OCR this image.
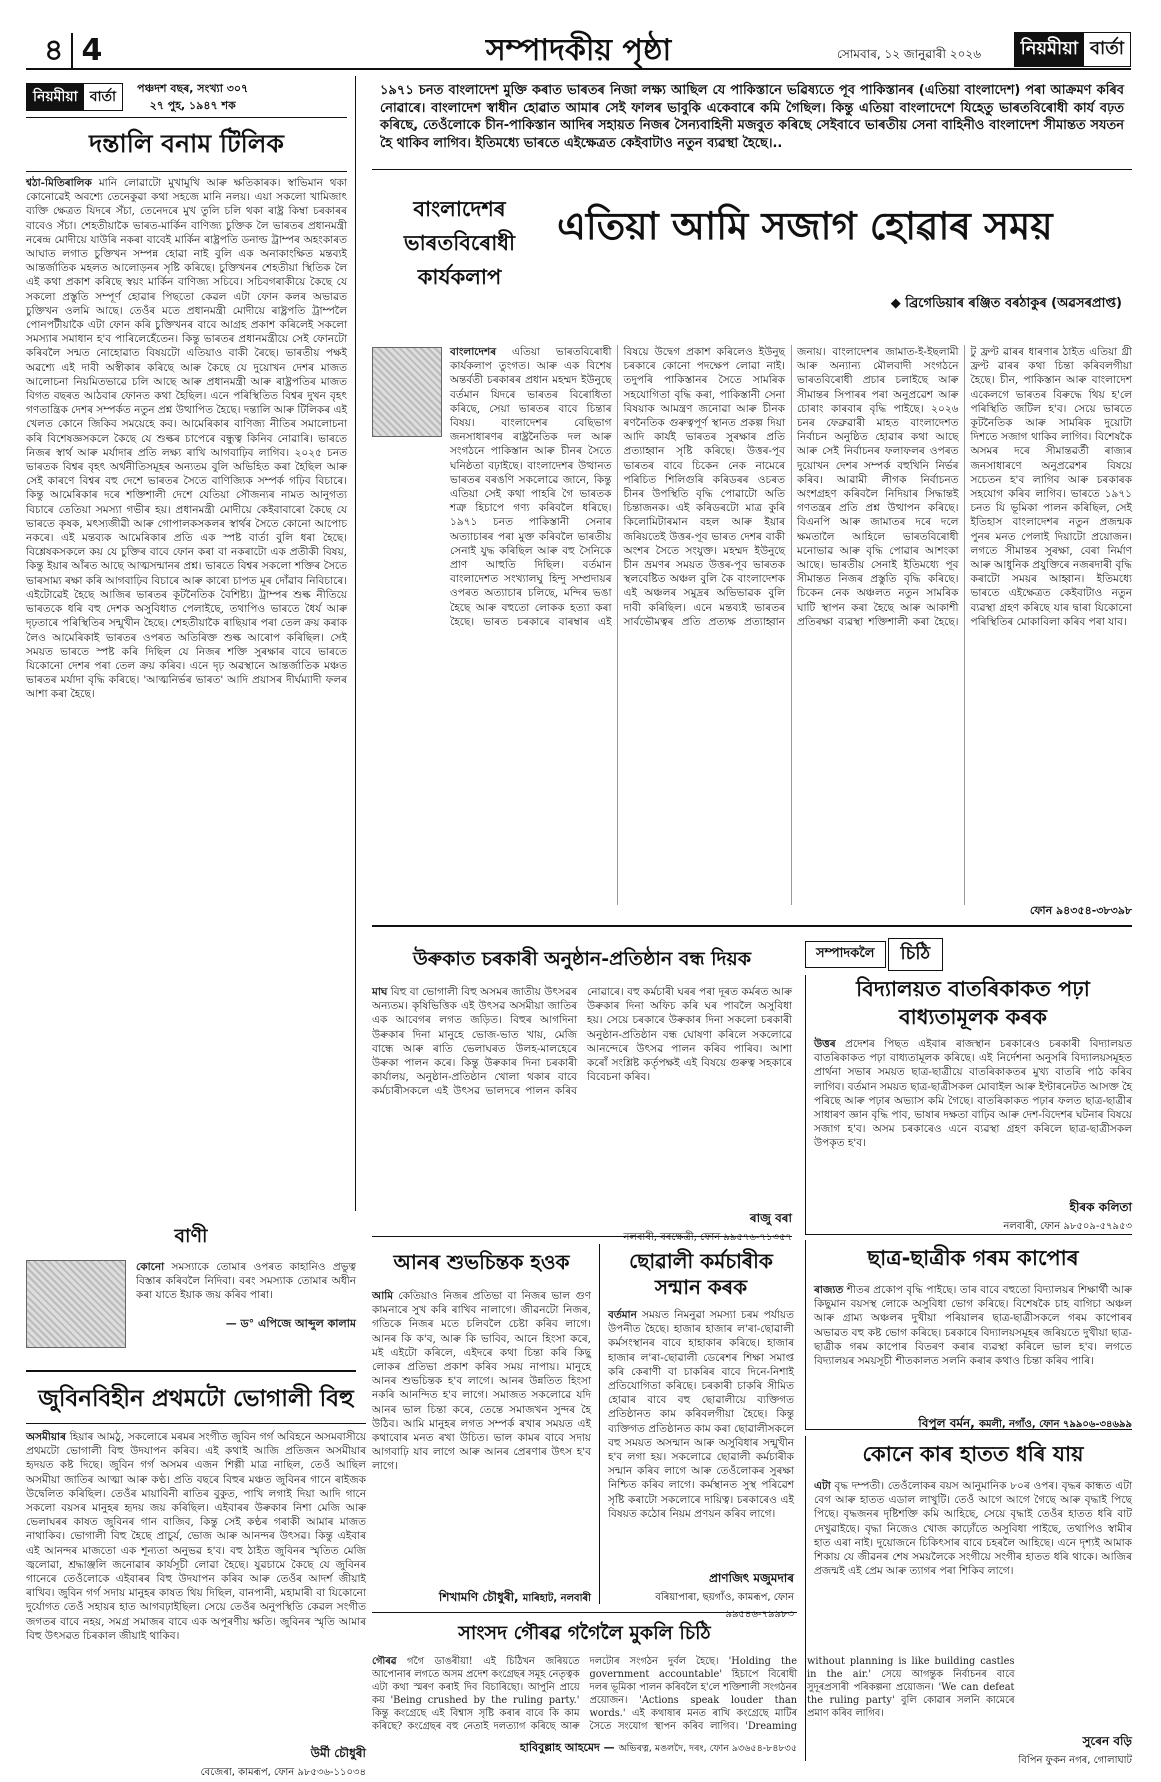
৪ 4	সম্পাদকীয় পৃষ্ঠা	সোমবাৰ, ১২ জানুৱাৰী ২০২৬	নিয়মীয়া বার্তা
নিয়মীয়া বার্তা
পঞ্চদশ বছৰ, সংখ্যা ৩০৭
২৭ পুহ, ১৯৪৭ শক
দন্তালি বনাম টিলিক
শ্বঠা-মিতিৰালিক মানি লোৱাটো মুখামুখি আৰু ক্ষতিকাৰক। স্বাভিমান থকা কোনোৱেই অবশ্যে তেনেকুৱা কথা সহজে মানি নলয়। এয়া সকলো খামিজাৎ ব্যক্তি ক্ষেত্ৰত যিদৰে সঁচা, তেনেদৰে মুখ তুলি চলি থকা ৰাষ্ট্ৰ কিম্বা চৰকাৰৰ বাবেও সঁচা। শেহতীয়াকৈ ভাৰত-মাৰ্কিন বাণিজ্য চুক্তিক লৈ ভাৰতৰ প্ৰধানমন্ত্ৰী নৰেন্দ্ৰ মোদীয়ে যাউৰি নকৰা বাবেই মাৰ্কিন ৰাষ্ট্ৰপতি ডনাল্ড ট্ৰাম্পৰ অহংকাৰত আঘাত লগাত চুক্তিখন সম্পন্ন হোৱা নাই বুলি এক অনাকাংক্ষিত মন্তব্যই আন্তৰ্জাতিক মহলত আলোড়নৰ সৃষ্টি কৰিছে। চুক্তিখনৰ শেহতীয়া স্থিতিক লৈ এই কথা প্ৰকাশ কৰিছে স্বয়ং মাৰ্কিন বাণিজ্য সচিবে। সচিবগৰাকীয়ে কৈছে যে সকলো প্ৰস্তুতি সম্পূৰ্ণ হোৱাৰ পিছতো কেৱল এটা ফোন কলৰ অভাৱত চুক্তিখন ওলমি আছে। তেওঁৰ মতে প্ৰধানমন্ত্ৰী মোদীয়ে ৰাষ্ট্ৰপতি ট্ৰাম্পলৈ পোনপটীয়াকৈ এটা ফোন কৰি চুক্তিখনৰ বাবে আগ্ৰহ প্ৰকাশ কৰিলেই সকলো সমস্যাৰ সমাধান হ'ব পাৰিলেহেঁতেন। কিন্তু ভাৰতৰ প্ৰধানমন্ত্ৰীয়ে সেই ফোনটো কৰিবলৈ সন্মত নোহোৱাত বিষয়টো এতিয়াও বাকী ৰৈছে। ভাৰতীয় পক্ষই অৱশ্যে এই দাবী অস্বীকাৰ কৰিছে আৰু কৈছে যে দুয়োখন দেশৰ মাজত আলোচনা নিয়মিতভাৱে চলি আছে আৰু প্ৰধানমন্ত্ৰী আৰু ৰাষ্ট্ৰপতিৰ মাজত বিগত বছৰত আঠবাৰ ফোনত কথা হৈছিল। এনে পৰিস্থিতিত বিশ্বৰ দুখন বৃহৎ গণতান্ত্ৰিক দেশৰ সম্পৰ্কত নতুন প্ৰশ্ন উত্থাপিত হৈছে। দন্তালি আৰু টিলিকৰ এই খেলত কোনে জিকিব সময়েহে কব। আমেৰিকাৰ বাণিজ্য নীতিৰ সমালোচনা কৰি বিশেষজ্ঞসকলে কৈছে যে শুল্কৰ চাপেৰে বন্ধুত্ব কিনিব নোৱাৰি। ভাৰতে নিজৰ স্বাৰ্থ আৰু মৰ্যাদাৰ প্ৰতি লক্ষ্য ৰাখি আগবাঢ়িব লাগিব। ২০২৫ চনত ভাৰতক বিশ্বৰ বৃহৎ অৰ্থনীতিসমূহৰ অন্যতম বুলি অভিহিত কৰা হৈছিল আৰু সেই কাৰণে বিশ্বৰ বহু দেশে ভাৰতৰ সৈতে বাণিজ্যিক সম্পৰ্ক গঢ়িব বিচাৰে। কিন্তু আমেৰিকাৰ দৰে শক্তিশালী দেশে যেতিয়া সৌজন্যৰ নামত আনুগত্য বিচাৰে তেতিয়া সমস্যা গভীৰ হয়। প্ৰধানমন্ত্ৰী মোদীয়ে কেইবাবাৰো কৈছে যে ভাৰতে কৃষক, মৎস্যজীৱী আৰু গোপালকসকলৰ স্বাৰ্থৰ সৈতে কোনো আপোচ নকৰে। এই মন্তব্যক আমেৰিকাৰ প্ৰতি এক স্পষ্ট বাৰ্তা বুলি ধৰা হৈছে। বিশ্লেষকসকলে কয় যে চুক্তিৰ বাবে ফোন কৰা বা নকৰাটো এক প্ৰতীকী বিষয়, কিন্তু ইয়াৰ আঁৰত আছে আত্মসন্মানৰ প্ৰশ্ন। ভাৰতে বিশ্বৰ সকলো শক্তিৰ সৈতে ভাৰসাম্য ৰক্ষা কৰি আগবাঢ়িব বিচাৰে আৰু কাৰো চাপত মূৰ দোঁৱাব নিবিচাৰে। এইটোৱেই হৈছে আজিৰ ভাৰতৰ কূটনৈতিক বৈশিষ্ট্য। ট্ৰাম্পৰ শুল্ক নীতিয়ে ভাৰতকে ধৰি বহু দেশক অসুবিধাত পেলাইছে, তথাপিও ভাৰতে ধৈৰ্য আৰু দৃঢ়তাৰে পৰিস্থিতিৰ সন্মুখীন হৈছে। শেহতীয়াকৈ ৰাছিয়াৰ পৰা তেল ক্ৰয় কৰাক লৈও আমেৰিকাই ভাৰতৰ ওপৰত অতিৰিক্ত শুল্ক আৰোপ কৰিছিল। সেই সময়ত ভাৰতে স্পষ্ট কৰি দিছিল যে নিজৰ শক্তি সুৰক্ষাৰ বাবে ভাৰতে যিকোনো দেশৰ পৰা তেল ক্ৰয় কৰিব। এনে দৃঢ় অৱস্থানে আন্তৰ্জাতিক মঞ্চত ভাৰতৰ মৰ্যাদা বৃদ্ধি কৰিছে। 'আত্মনিৰ্ভৰ ভাৰত' আদি প্ৰয়াসৰ দীৰ্ঘম্যাদী ফলৰ আশা কৰা হৈছে।
বাণী
কোনো সমস্যাকে তোমাৰ ওপৰত কাহানিও প্ৰভুত্ব বিস্তাৰ কৰিবলৈ নিদিবা। বৰং সমস্যাক তোমাৰ অধীন কৰা যাতে ইয়াক জয় কৰিব পাৰা।
— ড° এপিজে আব্দুল কালাম
জুবিনবিহীন প্ৰথমটো ভোগালী বিহু
অসমীয়াৰ হিয়াৰ আমঠু, সকলোৰে মৰমৰ সংগীত জুবিন গৰ্গ অবিহনে অসমবাসীয়ে প্ৰথমটো ভোগালী বিহু উদযাপন কৰিব। এই কথাই আজি প্ৰতিজন অসমীয়াৰ হৃদয়ত কষ্ট দিছে। জুবিন গৰ্গ অসমৰ এজন শিল্পী মাত্ৰ নাছিল, তেওঁ আছিল অসমীয়া জাতিৰ আত্মা আৰু কণ্ঠ। প্ৰতি বছৰে বিহুৰ মঞ্চত জুবিনৰ গানে ৰাইজক উদ্বেলিত কৰিছিল। তেওঁৰ মায়াবিনী ৰাতিৰ বুকুত, পাখি লগাই দিয়া আদি গানে সকলো বয়সৰ মানুহৰ হৃদয় জয় কৰিছিল। এইবাৰৰ উৰুকাৰ নিশা মেজি আৰু ভেলাঘৰৰ কাষত জুবিনৰ গান বাজিব, কিন্তু সেই কণ্ঠৰ গৰাকী আমাৰ মাজত নাথাকিব। ভোগালী বিহু হৈছে প্ৰাচুৰ্য, ভোজ আৰু আনন্দৰ উৎসৱ। কিন্তু এইবাৰ এই আনন্দৰ মাজতো এক শূন্যতা অনুভৱ হ'ব। বহু ঠাইত জুবিনৰ স্মৃতিত মেজি জ্বলোৱা, শ্ৰদ্ধাঞ্জলি জনোৱাৰ কাৰ্যসূচী লোৱা হৈছে। যুৱচামে কৈছে যে জুবিনৰ গানেৰে তেওঁলোকে এইবাৰৰ বিহু উদযাপন কৰিব আৰু তেওঁৰ আদৰ্শ জীয়াই ৰাখিব। জুবিন গৰ্গ সদায় মানুহৰ কাষত থিয় দিছিল, বানপানী, মহামাৰী বা যিকোনো দুৰ্যোগত তেওঁ সহায়ৰ হাত আগবঢ়াইছিল। সেয়ে তেওঁৰ অনুপস্থিতি কেৱল সংগীত জগতৰ বাবে নহয়, সমগ্ৰ সমাজৰ বাবে এক অপূৰণীয় ক্ষতি। জুবিনৰ স্মৃতি আমাৰ বিহু উৎসৱত চিৰকাল জীয়াই থাকিব।
উৰ্মী চৌধুৰী
বেজেৰা, কামৰূপ, ফোন ৯৮৫৩৬-১১০৩৪
১৯৭১ চনত বাংলাদেশ মুক্তি কৰাত ভাৰতৰ নিজা লক্ষ্য আছিল যে পাকিস্তানে ভৱিষ্যতে পূব পাকিস্তানৰ (এতিয়া বাংলাদেশ) পৰা আক্ৰমণ কৰিব নোৱাৰে। বাংলাদেশ স্বাধীন হোৱাত আমাৰ সেই ফালৰ ভাবুকি একেবাৰে কমি গৈছিল। কিন্তু এতিয়া বাংলাদেশে যিহেতু ভাৰতবিৰোধী কাৰ্য বঢ়ত কৰিছে, তেওঁলোকে চীন-পাকিস্তান আদিৰ সহায়ত নিজৰ সৈন্যবাহিনী মজবুত কৰিছে সেইবাবে ভাৰতীয় সেনা বাহিনীও বাংলাদেশ সীমান্তত সযতন হৈ থাকিব লাগিব। ইতিমধ্যে ভাৰতে এইক্ষেত্ৰত কেইবাটাও নতুন ব্যৱস্থা হৈছে।..
বাংলাদেশৰ
ভাৰতবিৰোধী
কাৰ্যকলাপ
এতিয়া আমি সজাগ হোৱাৰ সময়
◆ ব্ৰিগেডিয়াৰ ৰঞ্জিত বৰঠাকুৰ (অৱসৰপ্ৰাপ্ত)
বাংলাদেশৰ এতিয়া ভাৰতবিৰোধী কাৰ্যকলাপ তুংগত। আৰু এক বিশেষ অন্তৰ্বতী চৰকাৰৰ প্ৰধান মহম্মদ ইউনুছে বৰ্তমান যিদৰে ভাৰতৰ বিৰোধিতা কৰিছে, সেয়া ভাৰতৰ বাবে চিন্তাৰ বিষয়। বাংলাদেশৰ বেছিভাগ জনসাধাৰণৰ ৰাষ্ট্ৰনৈতিক দল আৰু সংগঠনে পাকিস্তান আৰু চীনৰ সৈতে ঘনিষ্ঠতা বঢ়াইছে। বাংলাদেশৰ উত্থানত ভাৰতৰ বৰঙণি সকলোৱে জানে, কিন্তু এতিয়া সেই কথা পাহৰি গৈ ভাৰতক শত্ৰু হিচাপে গণ্য কৰিবলৈ ধৰিছে। ১৯৭১ চনত পাকিস্তানী সেনাৰ অত্যাচাৰৰ পৰা মুক্ত কৰিবলৈ ভাৰতীয় সেনাই যুদ্ধ কৰিছিল আৰু বহু সৈনিকে প্ৰাণ আহুতি দিছিল। বৰ্তমান বাংলাদেশত সংখ্যালঘু হিন্দু সম্প্ৰদায়ৰ ওপৰত অত্যাচাৰ চলিছে, মন্দিৰ ভঙা হৈছে আৰু বহুতো লোকক হত্যা কৰা হৈছে। ভাৰত চৰকাৰে বাৰম্বাৰ এই বিষয়ে উদ্বেগ প্ৰকাশ কৰিলেও ইউনুছ চৰকাৰে কোনো পদক্ষেপ লোৱা নাই। তদুপৰি পাকিস্তানৰ সৈতে সামৰিক সহযোগিতা বৃদ্ধি কৰা, পাকিস্তানী সেনা বিষয়াক আমন্ত্ৰণ জনোৱা আৰু চীনক ৰণনৈতিক গুৰুত্বপূৰ্ণ স্থানত প্ৰকল্প দিয়া আদি কাৰ্যই ভাৰতৰ সুৰক্ষাৰ প্ৰতি প্ৰত্যাহ্বান সৃষ্টি কৰিছে। উত্তৰ-পূব ভাৰতৰ বাবে চিকেন নেক নামেৰে পৰিচিত শিলিগুৰি কৰিডৰৰ ওচৰত চীনৰ উপস্থিতি বৃদ্ধি পোৱাটো অতি চিন্তাজনক। এই কৰিডৰটো মাত্ৰ কুৰি কিলোমিটাৰমান বহল আৰু ইয়াৰ জৰিয়তেই উত্তৰ-পূব ভাৰত দেশৰ বাকী অংশৰ সৈতে সংযুক্ত। মহম্মদ ইউনুছে চীন ভ্ৰমণৰ সময়ত উত্তৰ-পূব ভাৰতক স্থলবেষ্টিত অঞ্চল বুলি কৈ বাংলাদেশক এই অঞ্চলৰ সমুদ্ৰৰ অভিভাৱক বুলি দাবী কৰিছিল। এনে মন্তব্যই ভাৰতৰ সাৰ্বভৌমত্বৰ প্ৰতি প্ৰত্যক্ষ প্ৰত্যাহ্বান জনায়। বাংলাদেশৰ জামাত-ই-ইছলামী আৰু অন্যান্য মৌলবাদী সংগঠনে ভাৰতবিৰোধী প্ৰচাৰ চলাইছে আৰু সীমান্তৰ সিপাৰৰ পৰা অনুপ্ৰৱেশ আৰু চোৰাং কাৰবাৰ বৃদ্ধি পাইছে। ২০২৬ চনৰ ফেব্ৰুৱাৰী মাহত বাংলাদেশত নিৰ্বাচন অনুষ্ঠিত হোৱাৰ কথা আছে আৰু সেই নিৰ্বাচনৰ ফলাফলৰ ওপৰত দুয়োখন দেশৰ সম্পৰ্ক বহুখিনি নিৰ্ভৰ কৰিব। আৱামী লীগক নিৰ্বাচনত অংশগ্ৰহণ কৰিবলৈ নিদিয়াৰ সিদ্ধান্তই গণতন্ত্ৰৰ প্ৰতি প্ৰশ্ন উত্থাপন কৰিছে। বিএনপি আৰু জামাতৰ দৰে দলে ক্ষমতালৈ আহিলে ভাৰতবিৰোধী মনোভাৱ আৰু বৃদ্ধি পোৱাৰ আশংকা আছে। ভাৰতীয় সেনাই ইতিমধ্যে পূব সীমান্তত নিজৰ প্ৰস্তুতি বৃদ্ধি কৰিছে। চিকেন নেক অঞ্চলত নতুন সামৰিক ঘাটি স্থাপন কৰা হৈছে আৰু আকাশী প্ৰতিৰক্ষা ব্যৱস্থা শক্তিশালী কৰা হৈছে। টু ফ্ৰণ্ট ৱাৰৰ ধাৰণাৰ ঠাইত এতিয়া থ্ৰী ফ্ৰণ্ট ৱাৰৰ কথা চিন্তা কৰিবলগীয়া হৈছে। চীন, পাকিস্তান আৰু বাংলাদেশ একেলগে ভাৰতৰ বিৰুদ্ধে থিয় হ'লে পৰিস্থিতি জটিল হ'ব। সেয়ে ভাৰতে কূটনৈতিক আৰু সামৰিক দুয়োটা দিশতে সজাগ থাকিব লাগিব। বিশেষকৈ অসমৰ দৰে সীমান্তৱৰ্তী ৰাজ্যৰ জনসাধাৰণে অনুপ্ৰৱেশৰ বিষয়ে সচেতন হ'ব লাগিব আৰু চৰকাৰক সহযোগ কৰিব লাগিব। ভাৰতে ১৯৭১ চনত যি ভূমিকা পালন কৰিছিল, সেই ইতিহাস বাংলাদেশৰ নতুন প্ৰজন্মক পুনৰ মনত পেলাই দিয়াটো প্ৰয়োজন। লগতে সীমান্তৰ সুৰক্ষা, বেৰা নিৰ্মাণ আৰু আধুনিক প্ৰযুক্তিৰে নজৰদাৰী বৃদ্ধি কৰাটো সময়ৰ আহ্বান। ইতিমধ্যে ভাৰতে এইক্ষেত্ৰত কেইবাটাও নতুন ব্যৱস্থা গ্ৰহণ কৰিছে যাৰ দ্বাৰা যিকোনো পৰিস্থিতিৰ মোকাবিলা কৰিব পৰা যাব।
ফোন ৯৪৩৫৪-৩৮৩৯৮
উৰুকাত চৰকাৰী অনুষ্ঠান-প্ৰতিষ্ঠান বন্ধ দিয়ক
মাঘ বিহু বা ভোগালী বিহু অসমৰ জাতীয় উৎসৱৰ অন্যতম। কৃষিভিত্তিক এই উৎসৱ অসমীয়া জাতিৰ এক আবেগৰ লগত জড়িত। বিহুৰ আগদিনা উৰুকাৰ দিনা মানুহে ভোজ-ভাত খায়, মেজি বান্ধে আৰু ৰাতি ভেলাঘৰত উলহ-মালহেৰে উৰুকা পালন কৰে। কিন্তু উৰুকাৰ দিনা চৰকাৰী কাৰ্যালয়, অনুষ্ঠান-প্ৰতিষ্ঠান খোলা থকাৰ বাবে কৰ্মচাৰীসকলে এই উৎসৱ ভালদৰে পালন কৰিব নোৱাৰে। বহু কৰ্মচাৰী ঘৰৰ পৰা দূৰত কৰ্মৰত আৰু উৰুকাৰ দিনা অফিচ কৰি ঘৰ পাবলৈ অসুবিধা হয়। সেয়ে চৰকাৰে উৰুকাৰ দিনা সকলো চৰকাৰী অনুষ্ঠান-প্ৰতিষ্ঠান বন্ধ ঘোষণা কৰিলে সকলোৱে আনন্দেৰে উৎসৱ পালন কৰিব পাৰিব। আশা কৰোঁ সংশ্লিষ্ট কৰ্তৃপক্ষই এই বিষয়ে গুৰুত্ব সহকাৰে বিবেচনা কৰিব।
ৰাজু বৰা
নলবাৰী, বৰক্ষেত্ৰী, ফোন ৯৯৫৭৬-৭১৩৫৭
আনৰ শুভচিন্তক হওক
আমি কেতিয়াও নিজৰ প্ৰতিভা বা নিজৰ ভাল গুণ কামনাৰে সুখ কৰি ৰাখিব নালাগে। জীৱনটো নিজৰ, গতিকে নিজৰ মতে চলিবলৈ চেষ্টা কৰিব লাগে। আনৰ কি ক'ব, আৰু কি ভাবিব, আনে হিংসা কৰে, মই এইটো কৰিলে, এইদৰে কথা চিন্তা কৰি কিছু লোকৰ প্ৰতিভা প্ৰকাশ কৰিব সময় নাপায়। মানুহে আনৰ শুভচিন্তক হ'ব লাগে। আনৰ উন্নতিত হিংসা নকৰি আনন্দিত হ'ব লাগে। সমাজত সকলোৱে যদি আনৰ ভাল চিন্তা কৰে, তেন্তে সমাজখন সুন্দৰ হৈ উঠিব। আমি মানুহৰ লগত সম্পৰ্ক ৰখাৰ সময়ত এই কথাবোৰ মনত ৰখা উচিত। ভাল কামৰ বাবে সদায় আগবাঢ়ি যাব লাগে আৰু আনৰ প্ৰেৰণাৰ উৎস হ'ব লাগে।
শিখামণি চৌধুৰী, মাৰিহাট, নলবাৰী
ছোৱালী কৰ্মচাৰীক সন্মান কৰক
বৰ্তমান সময়ত নিমনুৱা সমস্যা চৰম পৰ্যায়ত উপনীত হৈছে। হাজাৰ হাজাৰ ল'ৰা-ছোৱালী কৰ্মসংস্থানৰ বাবে হাহাকাৰ কৰিছে। হাজাৰ হাজাৰ ল'ৰা-ছোৱালী ডেৰেশৰ শিক্ষা সমাপ্ত কৰি কেৰাণী বা চাকৰিৰ বাবে দিনে-নিশাই প্ৰতিযোগিতা কৰিছে। চৰকাৰী চাকৰি সীমিত হোৱাৰ বাবে বহু ছোৱালীয়ে ব্যক্তিগত প্ৰতিষ্ঠানত কাম কৰিবলগীয়া হৈছে। কিন্তু ব্যক্তিগত প্ৰতিষ্ঠানত কাম কৰা ছোৱালীসকলে বহু সময়ত অসন্মান আৰু অসুবিধাৰ সন্মুখীন হ'ব লগা হয়। সকলোৱে ছোৱালী কৰ্মচাৰীক সন্মান কৰিব লাগে আৰু তেওঁলোকৰ সুৰক্ষা নিশ্চিত কৰিব লাগে। কৰ্মস্থানত সুস্থ পৰিৱেশ সৃষ্টি কৰাটো সকলোৰে দায়িত্ব। চৰকাৰেও এই বিষয়ত কঠোৰ নিয়ম প্ৰণয়ন কৰিব লাগে।
প্ৰাণজিৎ মজুমদাৰ
বৰিয়াপাৰা, ছয়গাঁও, কামৰূপ, ফোন ৯৯৫৪৬-৭৯৯৮৩
সম্পাদকলৈ	চিঠি
বিদ্যালয়ত বাতৰিকাকত পঢ়া বাধ্যতামূলক কৰক
উত্তৰ প্ৰদেশৰ পিছত এইবাৰ ৰাজস্থান চৰকাৰেও চৰকাৰী বিদ্যালয়ত বাতৰিকাকত পঢ়া বাধ্যতামূলক কৰিছে। এই নিৰ্দেশনা অনুসৰি বিদ্যালয়সমূহত প্ৰাৰ্থনা সভাৰ সময়ত ছাত্ৰ-ছাত্ৰীয়ে বাতৰিকাকতৰ মুখ্য বাতৰি পাঠ কৰিব লাগিব। বৰ্তমান সময়ত ছাত্ৰ-ছাত্ৰীসকল মোবাইল আৰু ইণ্টাৰনেটত আসক্ত হৈ পৰিছে আৰু পঢ়াৰ অভ্যাস কমি গৈছে। বাতৰিকাকত পঢ়াৰ ফলত ছাত্ৰ-ছাত্ৰীৰ সাধাৰণ জ্ঞান বৃদ্ধি পাব, ভাষাৰ দক্ষতা বাঢ়িব আৰু দেশ-বিদেশৰ ঘটনাৰ বিষয়ে সজাগ হ'ব। অসম চৰকাৰেও এনে ব্যৱস্থা গ্ৰহণ কৰিলে ছাত্ৰ-ছাত্ৰীসকল উপকৃত হ'ব।
হীৰক কলিতা
নলবাৰী, ফোন ৯৮৫০৯-৫৭৯৫৩
ছাত্ৰ-ছাত্ৰীক গৰম কাপোৰ
ৰাজ্যত শীতৰ প্ৰকোপ বৃদ্ধি পাইছে। তাৰ বাবে বহুতো বিদ্যালয়ৰ শিক্ষাৰ্থী আৰু কিছুমান বয়সস্থ লোকে অসুবিধা ভোগ কৰিছে। বিশেষকৈ চাহ বাগিচা অঞ্চল আৰু গ্ৰাম্য অঞ্চলৰ দুখীয়া পৰিয়ালৰ ছাত্ৰ-ছাত্ৰীসকলে গৰম কাপোৰৰ অভাৱত বহু কষ্ট ভোগ কৰিছে। চৰকাৰে বিদ্যালয়সমূহৰ জৰিয়তে দুখীয়া ছাত্ৰ-ছাত্ৰীক গৰম কাপোৰ বিতৰণ কৰাৰ ব্যৱস্থা কৰিলে ভাল হ'ব। লগতে বিদ্যালয়ৰ সময়সূচী শীতকালত সলনি কৰাৰ কথাও চিন্তা কৰিব পাৰি।
বিপুল বৰ্মন, কমলী, নগাঁও, ফোন ৭৯৯০৬-৩৪৬৯৯
কোনে কাৰ হাতত ধৰি যায়
এটা বৃদ্ধ দম্পতী। তেওঁলোকৰ বয়স আনুমানিক ৮০ৰ ওপৰ। বৃদ্ধৰ কান্ধত এটা বেগ আৰু হাতত এডাল লাখুটি। তেওঁ আগে আগে গৈছে আৰু বৃদ্ধাই পিছে পিছে। বৃদ্ধজনৰ দৃষ্টিশক্তি কমি আহিছে, সেয়ে বৃদ্ধাই তেওঁৰ হাতত ধৰি বাট দেখুৱাইছে। বৃদ্ধা নিজেও খোজ কাঢ়োঁতে অসুবিধা পাইছে, তথাপিও স্বামীৰ হাত এৰা নাই। দুয়োজনে চিকিৎসাৰ বাবে চহৰলৈ আহিছে। এনে দৃশ্যই আমাক শিকায় যে জীৱনৰ শেষ সময়লৈকে সংগীয়ে সংগীৰ হাতত ধৰি থাকে। আজিৰ প্ৰজন্মই এই প্ৰেম আৰু ত্যাগৰ পৰা শিকিব লাগে।
সুৰেন বড়ি
বিপিন ফুকন নগৰ, গোলাঘাট
সাংসদ গৌৰৱ গগৈলৈ মুকলি চিঠি
গৌৰৱ গগৈ ডাঙৰীয়া! এই চিঠিখন জৰিয়তে আপোনাৰ লগতে অসম প্ৰদেশ কংগ্ৰেছৰ সমূহ নেতৃত্বক এটা কথা স্মৰণ কৰাই দিব বিচাৰিছো। আপুনি প্ৰায়ে কয় 'Being crushed by the ruling party.' কিন্তু কংগ্ৰেছে এই বিশ্বাস সৃষ্টি কৰাৰ বাবে কি কাম কৰিছে? কংগ্ৰেছৰ বহু নেতাই দলত্যাগ কৰিছে আৰু দলটোৰ সংগঠন দুৰ্বল হৈছে। 'Holding the government accountable' হিচাপে বিৰোধী দলৰ ভূমিকা পালন কৰিবলৈ হ'লে শক্তিশালী সংগঠনৰ প্ৰয়োজন। 'Actions speak louder than words.' এই কথাষাৰ মনত ৰাখি কংগ্ৰেছে মাটিৰ সৈতে সংযোগ স্থাপন কৰিব লাগিব। 'Dreaming without planning is like building castles in the air.' সেয়ে আগন্তুক নিৰ্বাচনৰ বাবে সুদূৰপ্ৰসাৰী পৰিকল্পনা প্ৰয়োজন। 'We can defeat the ruling party' বুলি কোৱাৰ সলনি কামেৰে প্ৰমাণ কৰিব লাগিব।
হাবিবুল্লাহ আহমেদ — অভিৰত্ন, মঙলদৈ, দৰং, ফোন ৯৩৬৫৪-৮৪৮৩৫
